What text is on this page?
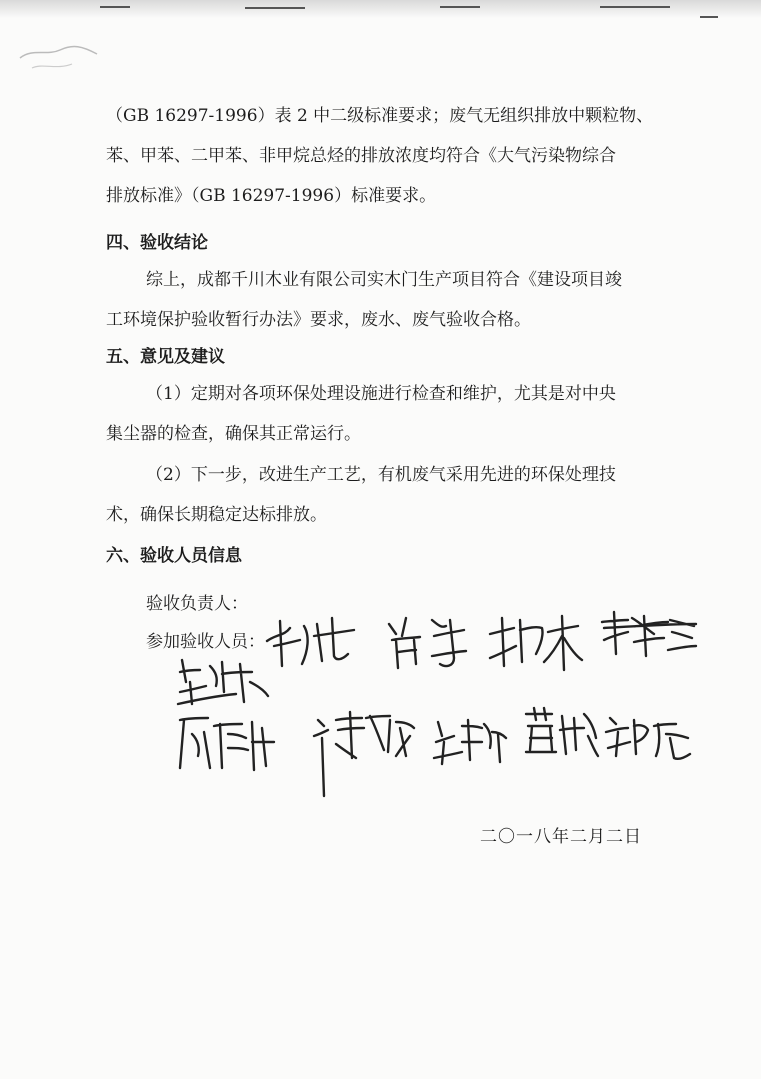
（GB 16297-1996）表 2 中二级标准要求；废气无组织排放中颗粒物、
苯、甲苯、二甲苯、非甲烷总烃的排放浓度均符合《大气污染物综合
排放标准》（GB 16297-1996）标准要求。
四、验收结论
综上，成都千川木业有限公司实木门生产项目符合《建设项目竣
工环境保护验收暂行办法》要求，废水、废气验收合格。
五、意见及建议
（1）定期对各项环保处理设施进行检查和维护，尤其是对中央
集尘器的检查，确保其正常运行。
（2）下一步，改进生产工艺，有机废气采用先进的环保处理技
术，确保长期稳定达标排放。
六、验收人员信息
验收负责人：
参加验收人员：
二〇一八年二月二日
